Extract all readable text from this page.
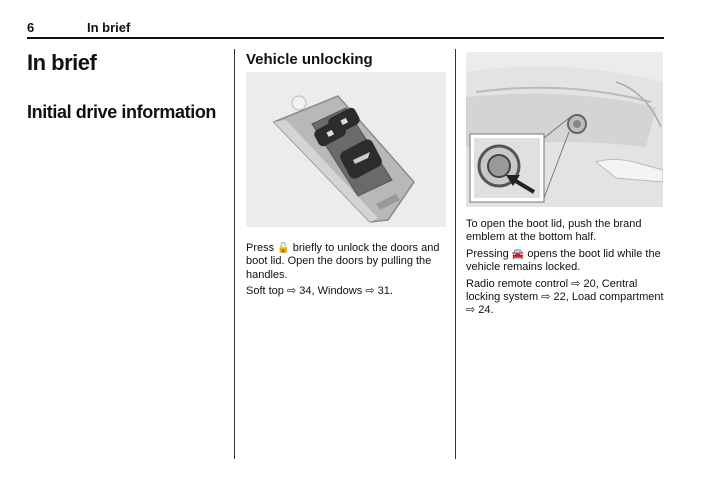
6	In brief
In brief
Initial drive information
Vehicle unlocking

Press 🔓 briefly to unlock the doors and boot lid. Open the doors by pulling the handles.

Soft top ⇨ 34, Windows ⇨ 31.

To open the boot lid, push the brand emblem at the bottom half.

Pressing 🚘 opens the boot lid while the vehicle remains locked.

Radio remote control ⇨ 20, Central locking system ⇨ 22, Load compartment ⇨ 24.
